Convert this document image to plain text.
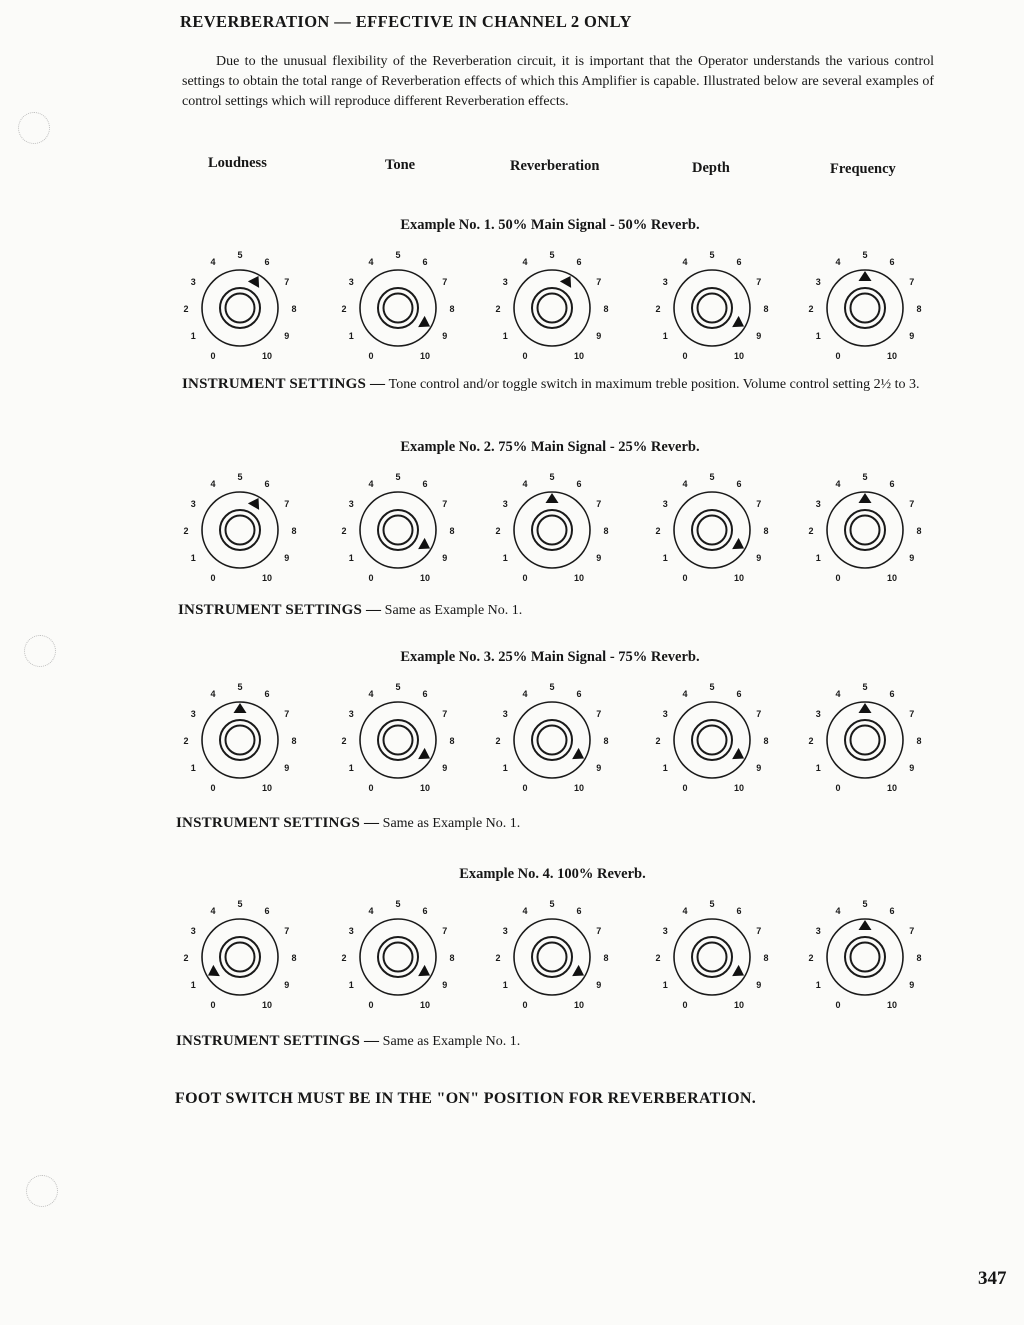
REVERBERATION — EFFECTIVE IN CHANNEL 2 ONLY
Due to the unusual flexibility of the Reverberation circuit, it is important that the Operator understands the various control settings to obtain the total range of Reverberation effects of which this Amplifier is capable. Illustrated below are several examples of control settings which will reproduce different Reverberation effects.
Loudness	Tone	Reverberation	Depth	Frequency
Example No. 1. 50% Main Signal - 50% Reverb.
0
1
2
3
4
5
6
7
8
9
10	0
1
2
3
4
5
6
7
8
9
10	0
1
2
3
4
5
6
7
8
9
10	0
1
2
3
4
5
6
7
8
9
10	0
1
2
3
4
5
6
7
8
9
10
INSTRUMENT SETTINGS — Tone control and/or toggle switch in maximum treble position. Volume control setting 2½ to 3.
Example No. 2. 75% Main Signal - 25% Reverb.
0
1
2
3
4
5
6
7
8
9
10	0
1
2
3
4
5
6
7
8
9
10	0
1
2
3
4
5
6
7
8
9
10	0
1
2
3
4
5
6
7
8
9
10	0
1
2
3
4
5
6
7
8
9
10
INSTRUMENT SETTINGS — Same as Example No. 1.
Example No. 3. 25% Main Signal - 75% Reverb.
0
1
2
3
4
5
6
7
8
9
10	0
1
2
3
4
5
6
7
8
9
10	0
1
2
3
4
5
6
7
8
9
10	0
1
2
3
4
5
6
7
8
9
10	0
1
2
3
4
5
6
7
8
9
10
INSTRUMENT SETTINGS — Same as Example No. 1.
Example No. 4. 100% Reverb.
0
1
2
3
4
5
6
7
8
9
10	0
1
2
3
4
5
6
7
8
9
10	0
1
2
3
4
5
6
7
8
9
10	0
1
2
3
4
5
6
7
8
9
10	0
1
2
3
4
5
6
7
8
9
10
INSTRUMENT SETTINGS — Same as Example No. 1.
FOOT SWITCH MUST BE IN THE "ON" POSITION FOR REVERBERATION.
347
